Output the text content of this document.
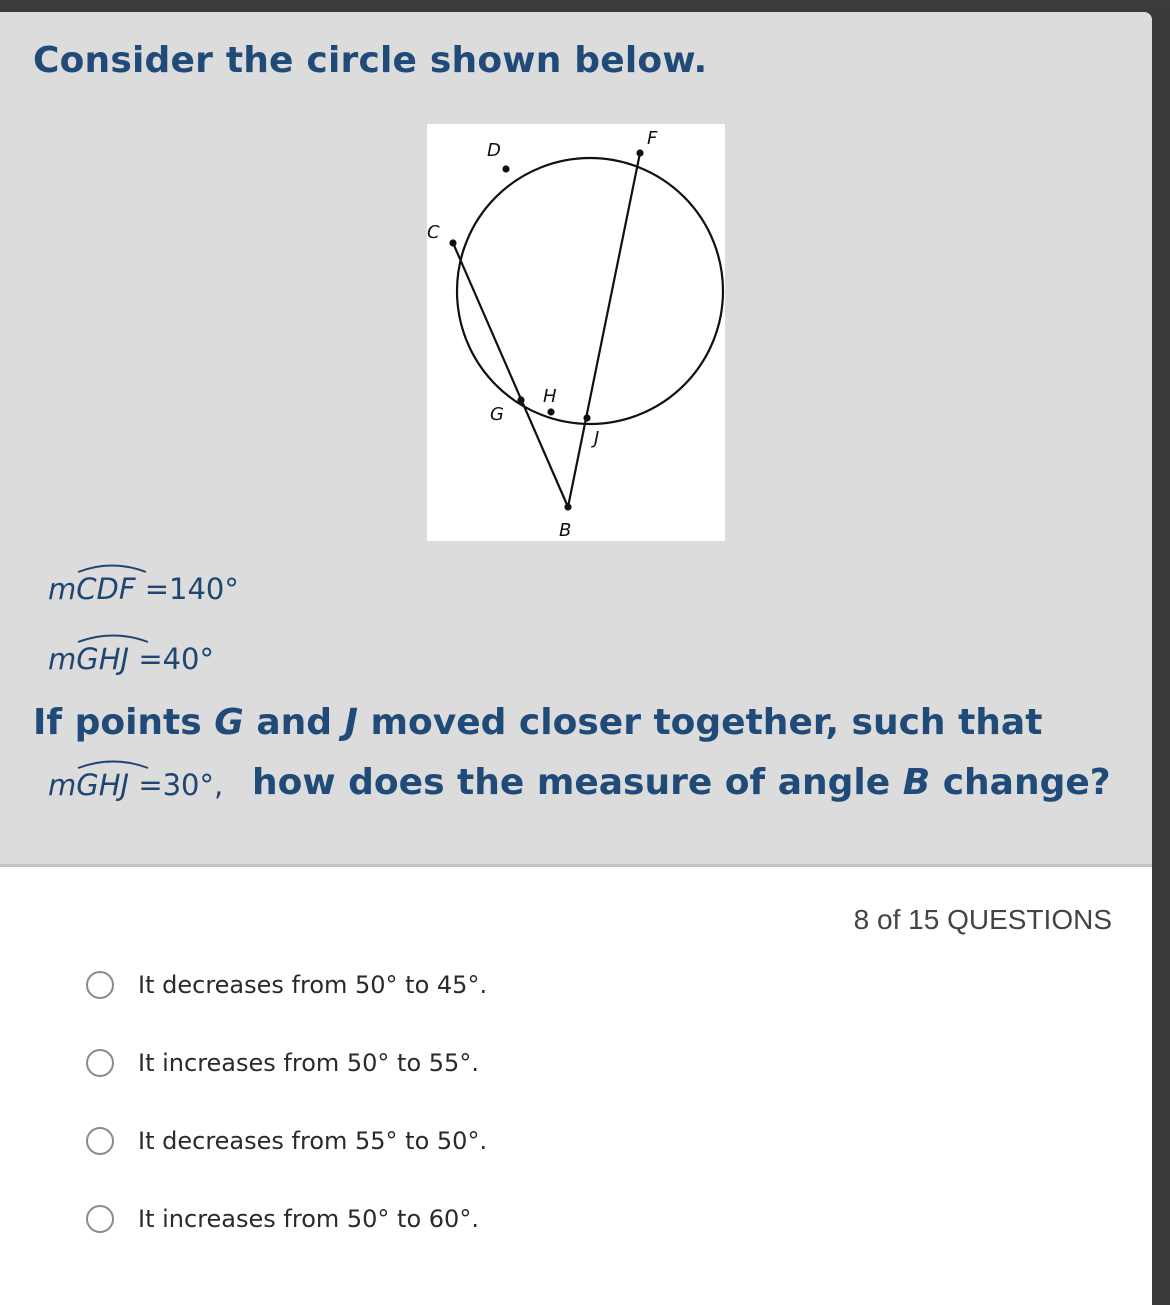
Consider the circle shown below.
C
D
F
G
H
J
B
m
CDF =140°
m
GHJ =40°
If points G and J moved closer together, such that
m
GHJ =30°, how does the measure of angle B change?
8 of 15 QUESTIONS
It decreases from 50° to 45°.
It increases from 50° to 55°.
It decreases from 55° to 50°.
It increases from 50° to 60°.
